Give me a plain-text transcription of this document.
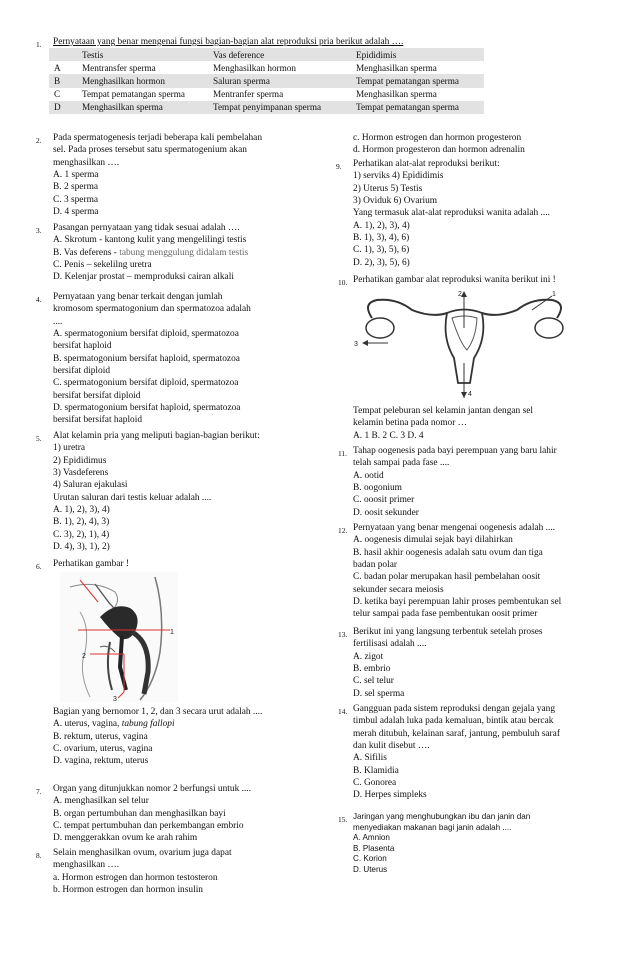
1. Pernyataan yang benar mengenai fungsi bagian-bagian alat reproduksi pria berikut adalah ….
	Testis	Vas deference	Epididimis
A	Mentransfer sperma	Menghasilkan hormon	Menghasilkan sperma
B	Menghasilkan hormon	Saluran sperma	Tempat pematangan sperma
C	Tempat pematangan sperma	Mentranfer sperma	Menghasilkan sperma
D	Menghasilkan sperma	Tempat penyimpanan sperma	Tempat pematangan sperma
2. Pada spermatogenesis terjadi beberapa kali pembelahan
sel. Pada proses tersebut satu spermatogenium akan
menghasilkan ….
A. 1 sperma
B. 2 sperma
C. 3 sperma
D. 4 sperma
3. Pasangan pernyataan yang tidak sesuai adalah ….
A. Skrotum - kantong kulit yang mengelilingi testis
B. Vas deferens - tabung menggulung didalam testis
C. Penis – sekelilng uretra
D. Kelenjar prostat – memproduksi cairan alkali
4. Pernyataan yang benar terkait dengan jumlah
kromosom spermatogonium dan spermatozoa adalah
....
A. spermatogonium bersifat diploid, spermatozoa
bersifat haploid
B. spermatogonium bersifat haploid, spermatozoa
bersifat diploid
C. spermatogonium bersifat diploid, spermatozoa
bersifat bersifat diploid
D. spermatogonium bersifat haploid, spermatozoa
bersifat bersifat haploid
5. Alat kelamin pria yang meliputi bagian-bagian berikut:
1) uretra
2) Epididimus
3) Vasdeferens
4) Saluran ejakulasi
Urutan saluran dari testis keluar adalah ....
A. 1), 2), 3), 4)
B. 1), 2), 4), 3)
C. 3), 2), 1), 4)
D. 4), 3), 1), 2)
6. Perhatikan gambar !
1
2
3
Bagian yang bernomor 1, 2, dan 3 secara urut adalah ....
A. uterus, vagina, tabung fallopi
B. rektum, uterus, vagina
C. ovarium, uterus, vagina
D. vagina, rektum, uterus
7. Organ yang ditunjukkan nomor 2 berfungsi untuk ....
A. menghasilkan sel telur
B. organ pertumbuhan dan menghasilkan bayi
C. tempat pertumbuhan dan perkembangan embrio
D. menggerakkan ovum ke arah rahim
8. Selain menghasilkan ovum, ovarium juga dapat
menghasilkan ….
a. Hormon estrogen dan hormon testosteron
b. Hormon estrogen dan hormon insulin
c. Hormon estrogen dan hormon progesteron
d. Hormon progesteron dan hormon adrenalin
9. Perhatikan alat-alat reproduksi berikut:
1) serviks 4) Epididimis
2) Uterus 5) Testis
3) Oviduk 6) Ovarium
Yang termasuk alat-alat reproduksi wanita adalah ....
A. 1), 2), 3), 4)
B. 1), 3), 4), 6)
C. 1), 3), 5), 6)
D. 2), 3), 5), 6)
10. Perhatikan gambar alat reproduksi wanita berikut ini !
2	1
3
4
Tempat peleburan sel kelamin jantan dengan sel
kelamin betina pada nomor …
A. 1 B. 2 C. 3 D. 4
11. Tahap oogenesis pada bayi perempuan yang baru lahir
telah sampai pada fase ....
A. ootid
B. oogonium
C. ooosit primer
D. oosit sekunder
12. Pernyataan yang benar mengenai oogenesis adalah ....
A. oogenesis dimulai sejak bayi dilahirkan
B. hasil akhir oogenesis adalah satu ovum dan tiga
badan polar
C. badan polar merupakan hasil pembelahan oosit
sekunder secara meiosis
D. ketika bayi perempuan lahir proses pembentukan sel
telur sampai pada fase pembentukan oosit primer
13. Berikut ini yang langsung terbentuk setelah proses
fertilisasi adalah ....
A. zigot
B. embrio
C. sel telur
D. sel sperma
14. Gangguan pada sistem reproduksi dengan gejala yang
timbul adalah luka pada kemaluan, bintik atau bercak
merah ditubuh, kelainan saraf, jantung, pembuluh saraf
dan kulit disebut ….
A. Sifilis
B. Klamidia
C. Gonorea
D. Herpes simpleks
15. Jaringan yang menghubungkan ibu dan janin dan
menyediakan makanan bagi janin adalah ....
A. Amnion
B. Plasenta
C. Korion
D. Uterus
